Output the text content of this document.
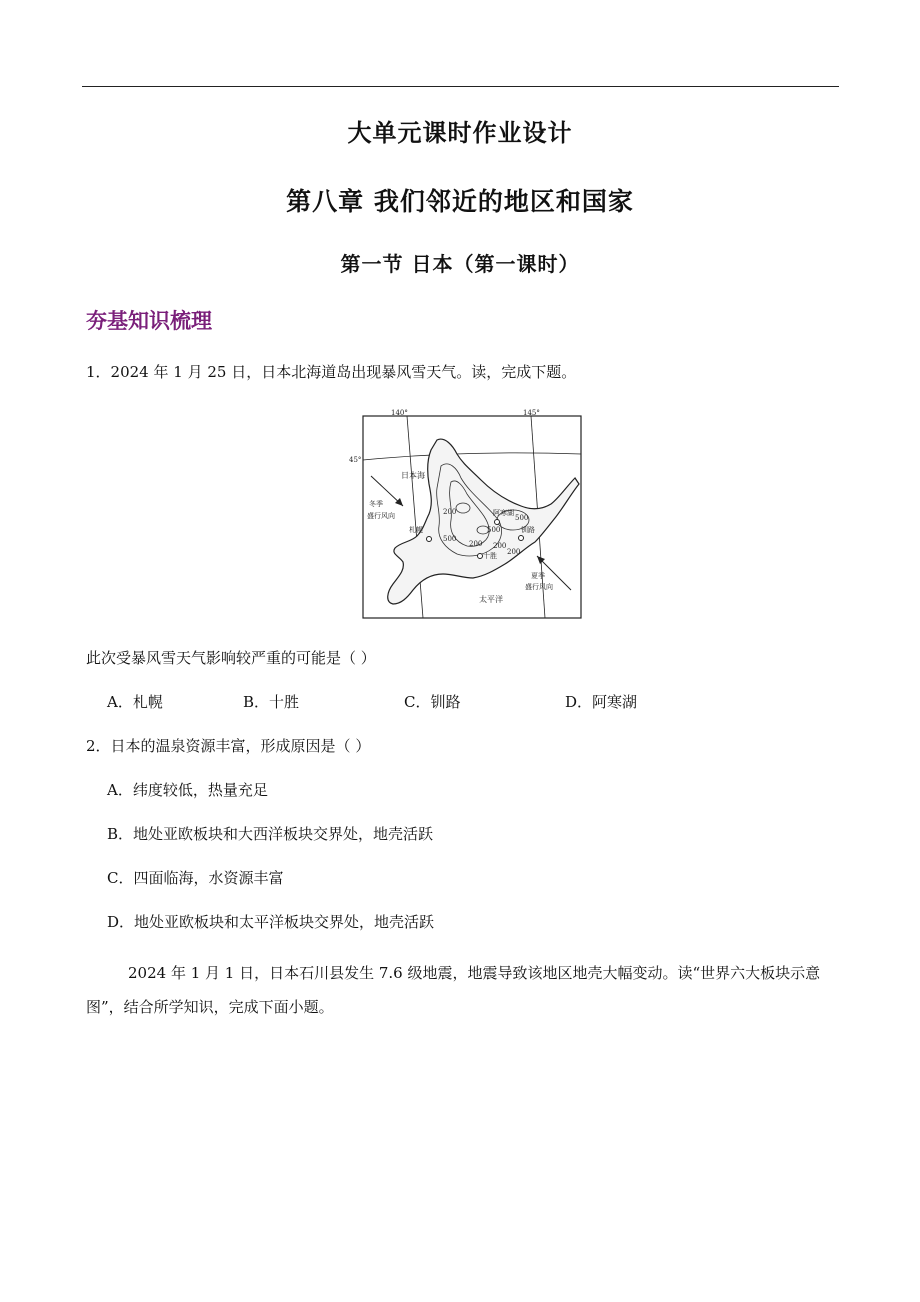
大单元课时作业设计
第八章 我们邻近的地区和国家
第一节 日本（第一课时）
夯基知识梳理
1．2024 年 1 月 25 日，日本北海道岛出现暴风雪天气。读，完成下题。
140°	145°
45°
日本海
太平洋
冬季
盛行风向
夏季
盛行风向
札幌
阿寒湖
钏路
十胜
200
500
200
500
200
200
500
此次受暴风雪天气影响较严重的可能是（ ）
A．札幌	B．十胜	C．钏路	D．阿寒湖
2．日本的温泉资源丰富，形成原因是（ ）
A．纬度较低，热量充足
B．地处亚欧板块和大西洋板块交界处，地壳活跃
C．四面临海，水资源丰富
D．地处亚欧板块和太平洋板块交界处，地壳活跃
2024 年 1 月 1 日，日本石川县发生 7.6 级地震，地震导致该地区地壳大幅变动。读“世界六大板块示意图”，结合所学知识，完成下面小题。
